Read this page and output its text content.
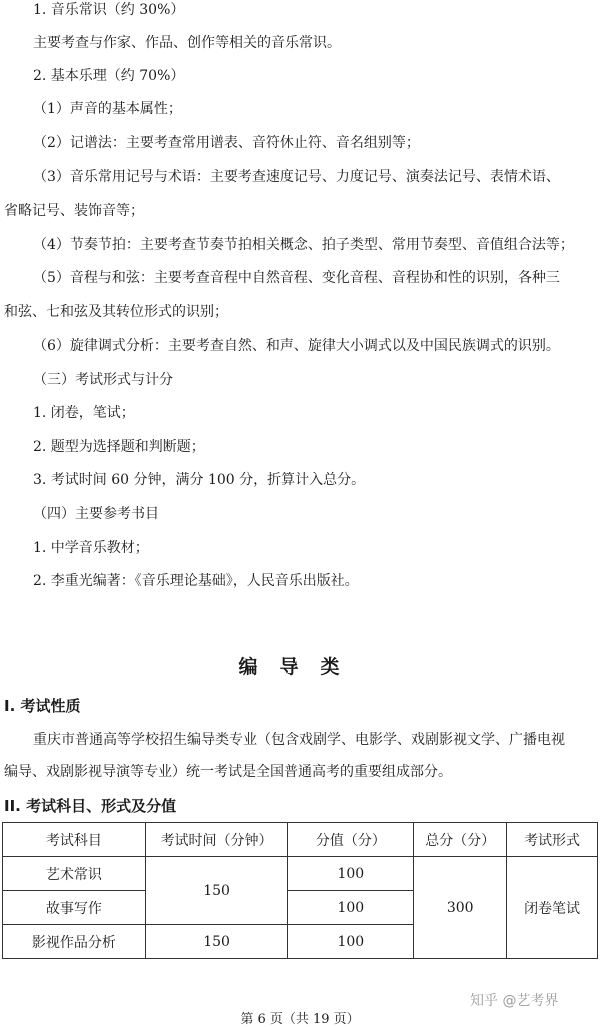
1. 音乐常识（约 30%）
主要考查与作家、作品、创作等相关的音乐常识。
2. 基本乐理（约 70%）
（1）声音的基本属性；
（2）记谱法：主要考查常用谱表、音符休止符、音名组别等；
（3）音乐常用记号与术语：主要考查速度记号、力度记号、演奏法记号、表情术语、
省略记号、装饰音等；
（4）节奏节拍：主要考查节奏节拍相关概念、拍子类型、常用节奏型、音值组合法等；
（5）音程与和弦：主要考查音程中自然音程、变化音程、音程协和性的识别，各种三
和弦、七和弦及其转位形式的识别；
（6）旋律调式分析：主要考查自然、和声、旋律大小调式以及中国民族调式的识别。
（三）考试形式与计分
1. 闭卷，笔试；
2. 题型为选择题和判断题；
3. 考试时间 60 分钟，满分 100 分，折算计入总分。
（四）主要参考书目
1. 中学音乐教材；
2. 李重光编著：《音乐理论基础》，人民音乐出版社。
编导类
I. 考试性质
重庆市普通高等学校招生编导类专业（包含戏剧学、电影学、戏剧影视文学、广播电视
编导、戏剧影视导演等专业）统一考试是全国普通高考的重要组成部分。
II. 考试科目、形式及分值
考试科目	考试时间（分钟）	分值（分）	总分（分）	考试形式
艺术常识	150	100	300	闭卷笔试
故事写作		100		
影视作品分析	150	100		
知乎 @艺考界
第 6 页（共 19 页）
